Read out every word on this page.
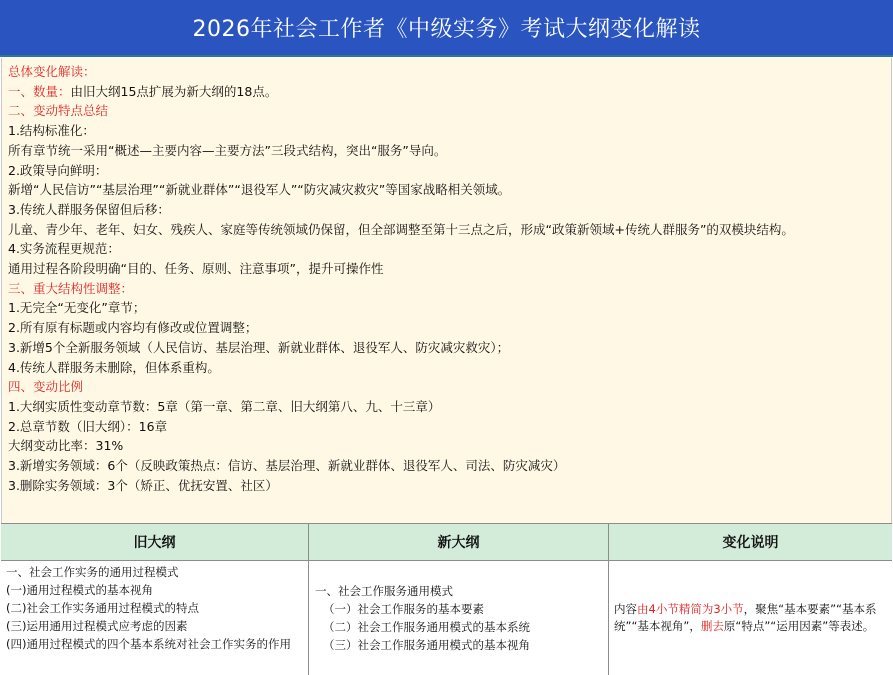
2026年社会工作者《中级实务》考试大纲变化解读
总体变化解读：
一、数量：由旧大纲15点扩展为新大纲的18点。
二、变动特点总结
1.结构标准化：
所有章节统一采用“概述—主要内容—主要方法”三段式结构，突出“服务”导向。
2.政策导向鲜明：
新增“人民信访”“基层治理”“新就业群体”“退役军人”“防灾减灾救灾”等国家战略相关领域。
3.传统人群服务保留但后移：
儿童、青少年、老年、妇女、残疾人、家庭等传统领域仍保留，但全部调整至第十三点之后，形成“政策新领域+传统人群服务”的双模块结构。
4.实务流程更规范：
通用过程各阶段明确“目的、任务、原则、注意事项”，提升可操作性
三、重大结构性调整：
1.无完全“无变化”章节；
2.所有原有标题或内容均有修改或位置调整；
3.新增5个全新服务领域（人民信访、基层治理、新就业群体、退役军人、防灾减灾救灾）；
4.传统人群服务未删除，但体系重构。
四、变动比例
1.大纲实质性变动章节数：5章（第一章、第二章、旧大纲第八、九、十三章）
2.总章节数（旧大纲）：16章
大纲变动比率：31%
3.新增实务领域：6个（反映政策热点：信访、基层治理、新就业群体、退役军人、司法、防灾减灾）
3.删除实务领域：3个（矫正、优抚安置、社区）
旧大纲	新大纲	变化说明
一、社会工作实务的通用过程模式
(一)通用过程模式的基本视角
(二)社会工作实务通用过程模式的特点
(三)运用通用过程模式应考虑的因素
(四)通用过程模式的四个基本系统对社会工作实务的作用
一、社会工作服务通用模式
（一）社会工作服务的基本要素
（二）社会工作服务通用模式的基本系统
（三）社会工作服务通用模式的基本视角
内容由4小节精简为3小节，聚焦“基本要素”“基本系统”“基本视角”，删去原“特点”“运用因素”等表述。
